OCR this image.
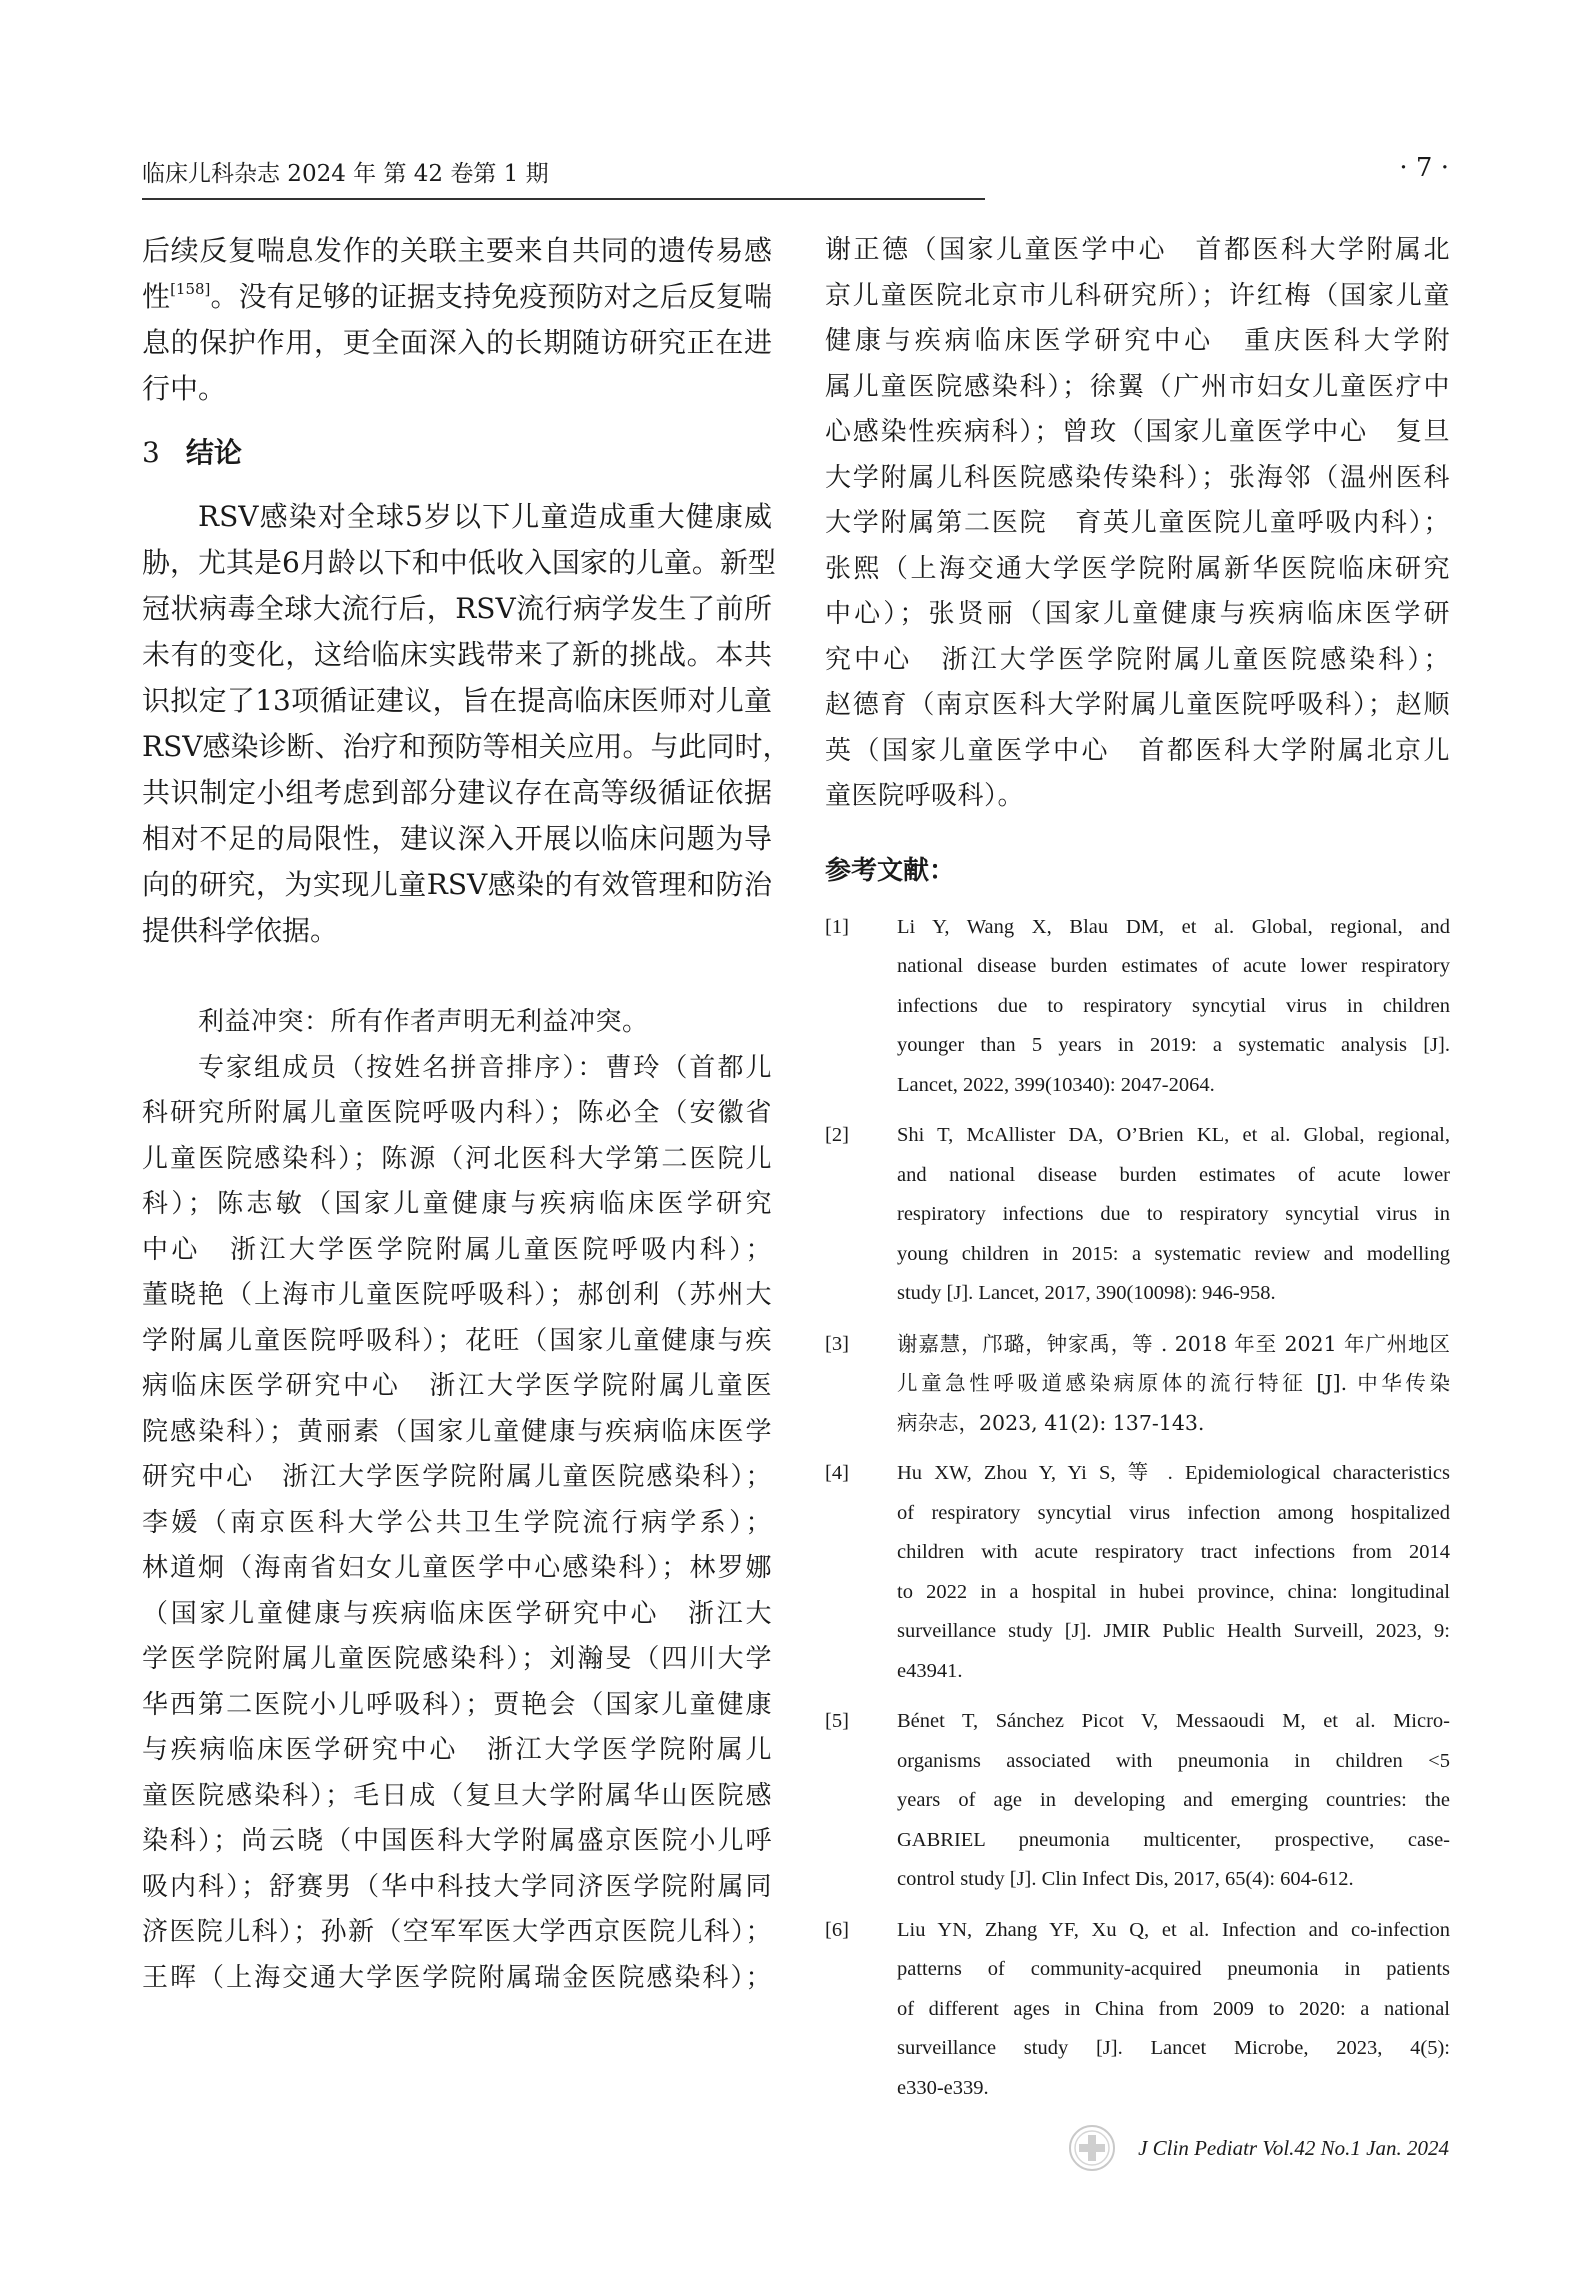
临床儿科杂志 2024 年 第 42 卷第 1 期	· 7 ·
后续反复喘息发作的关联主要来自共同的遗传易感
性[158]。没有足够的证据支持免疫预防对之后反复喘
息的保护作用，更全面深入的长期随访研究正在进
行中。
3 结论
RSV感染对全球5岁以下儿童造成重大健康威
胁，尤其是6月龄以下和中低收入国家的儿童。新型
冠状病毒全球大流行后，RSV流行病学发生了前所
未有的变化，这给临床实践带来了新的挑战。本共
识拟定了13项循证建议，旨在提高临床医师对儿童
RSV感染诊断、治疗和预防等相关应用。与此同时，
共识制定小组考虑到部分建议存在高等级循证依据
相对不足的局限性，建议深入开展以临床问题为导
向的研究，为实现儿童RSV感染的有效管理和防治
提供科学依据。
利益冲突：所有作者声明无利益冲突。
专家组成员（按姓名拼音排序）：曹玲（首都儿
科研究所附属儿童医院呼吸内科）；陈必全（安徽省
儿童医院感染科）；陈源（河北医科大学第二医院儿
科）；陈志敏（国家儿童健康与疾病临床医学研究
中心　浙江大学医学院附属儿童医院呼吸内科）；
董晓艳（上海市儿童医院呼吸科）；郝创利（苏州大
学附属儿童医院呼吸科）；花旺（国家儿童健康与疾
病临床医学研究中心　浙江大学医学院附属儿童医
院感染科）；黄丽素（国家儿童健康与疾病临床医学
研究中心　浙江大学医学院附属儿童医院感染科）；
李媛（南京医科大学公共卫生学院流行病学系）；
林道炯（海南省妇女儿童医学中心感染科）；林罗娜
（国家儿童健康与疾病临床医学研究中心　浙江大
学医学院附属儿童医院感染科）；刘瀚旻（四川大学
华西第二医院小儿呼吸科）；贾艳会（国家儿童健康
与疾病临床医学研究中心　浙江大学医学院附属儿
童医院感染科）；毛日成（复旦大学附属华山医院感
染科）；尚云晓（中国医科大学附属盛京医院小儿呼
吸内科）；舒赛男（华中科技大学同济医学院附属同
济医院儿科）；孙新（空军军医大学西京医院儿科）；
王晖（上海交通大学医学院附属瑞金医院感染科）；
谢正德（国家儿童医学中心　首都医科大学附属北
京儿童医院北京市儿科研究所）；许红梅（国家儿童
健康与疾病临床医学研究中心　重庆医科大学附
属儿童医院感染科）；徐翼（广州市妇女儿童医疗中
心感染性疾病科）；曾玫（国家儿童医学中心　复旦
大学附属儿科医院感染传染科）；张海邻（温州医科
大学附属第二医院　育英儿童医院儿童呼吸内科）；
张熙（上海交通大学医学院附属新华医院临床研究
中心）；张贤丽（国家儿童健康与疾病临床医学研
究中心　浙江大学医学院附属儿童医院感染科）；
赵德育（南京医科大学附属儿童医院呼吸科）；赵顺
英（国家儿童医学中心　首都医科大学附属北京儿
童医院呼吸科）。
参考文献：
[1] Li Y, Wang X, Blau DM, et al. Global, regional, and
national disease burden estimates of acute lower respiratory
infections due to respiratory syncytial virus in children
younger than 5 years in 2019: a systematic analysis [J].
Lancet, 2022, 399(10340): 2047-2064.
[2] Shi T, McAllister DA, O’Brien KL, et al. Global, regional,
and national disease burden estimates of acute lower
respiratory infections due to respiratory syncytial virus in
young children in 2015: a systematic review and modelling
study [J]. Lancet, 2017, 390(10098): 946-958.
[3] 谢嘉慧，邝璐，钟家禹，等 . 2018 年至 2021 年广州地区
儿童急性呼吸道感染病原体的流行特征 [J]. 中华传染
病杂志，2023, 41(2): 137-143.
[4] Hu XW, Zhou Y, Yi S, 等 . Epidemiological characteristics
of respiratory syncytial virus infection among hospitalized
children with acute respiratory tract infections from 2014
to 2022 in a hospital in hubei province, china: longitudinal
surveillance study [J]. JMIR Public Health Surveill, 2023, 9:
e43941.
[5] Bénet T, Sánchez Picot V, Messaoudi M, et al. Micro-
organisms associated with pneumonia in children <5
years of age in developing and emerging countries: the
GABRIEL pneumonia multicenter, prospective, case-
control study [J]. Clin Infect Dis, 2017, 65(4): 604-612.
[6] Liu YN, Zhang YF, Xu Q, et al. Infection and co-infection
patterns of community-acquired pneumonia in patients
of different ages in China from 2009 to 2020: a national
surveillance study [J]. Lancet Microbe, 2023, 4(5):
e330-e339.
J Clin Pediatr Vol.42 No.1 Jan. 2024
